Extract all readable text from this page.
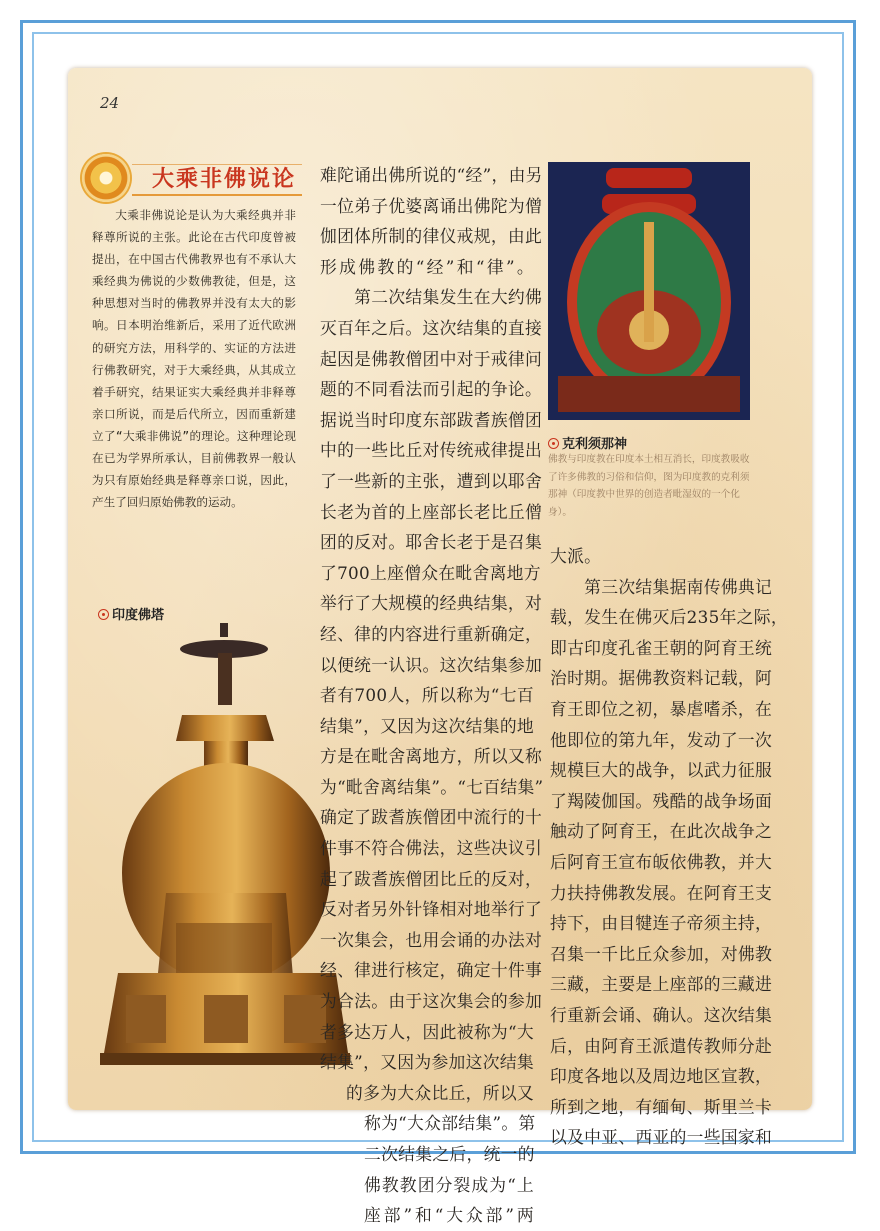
24
大乘非佛说论
大乘非佛说论是认为大乘经典并非释尊所说的主张。此论在古代印度曾被提出，在中国古代佛教界也有不承认大乘经典为佛说的少数佛教徒，但是，这种思想对当时的佛教界并没有太大的影响。日本明治维新后，采用了近代欧洲的研究方法，用科学的、实证的方法进行佛教研究，对于大乘经典，从其成立着手研究，结果证实大乘经典并非释尊亲口所说，而是后代所立，因而重新建立了“大乘非佛说”的理论。这种理论现在已为学界所承认，目前佛教界一般认为只有原始经典是释尊亲口说，因此，产生了回归原始佛教的运动。
印度佛塔
难陀诵出佛所说的“经”，由另
一位弟子优婆离诵出佛陀为僧
伽团体所制的律仪戒规，由此
形成佛教的“经”和“律”。
　　第二次结集发生在大约佛
灭百年之后。这次结集的直接
起因是佛教僧团中对于戒律问
题的不同看法而引起的争论。
据说当时印度东部跋耆族僧团
中的一些比丘对传统戒律提出
了一些新的主张，遭到以耶舍
长老为首的上座部长老比丘僧
团的反对。耶舍长老于是召集
了700上座僧众在毗舍离地方
举行了大规模的经典结集，对
经、律的内容进行重新确定，
以便统一认识。这次结集参加
者有700人，所以称为“七百
结集”，又因为这次结集的地
方是在毗舍离地方，所以又称
为“毗舍离结集”。“七百结集”
确定了跋耆族僧团中流行的十
件事不符合佛法，这些决议引
起了跋耆族僧团比丘的反对，
反对者另外针锋相对地举行了
一次集会，也用会诵的办法对
经、律进行核定，确定十件事
为合法。由于这次集会的参加
者多达万人，因此被称为“大
结集”，又因为参加这次结集
的多为大众比丘，所以又
称为“大众部结集”。第
二次结集之后，统一的
佛教教团分裂成为“上
座部”和“大众部”两
克利须那神
佛教与印度教在印度本土相互消长，印度教吸收了许多佛教的习俗和信仰，图为印度教的克利须那神（印度教中世界的创造者毗湿奴的一个化身）。
大派。
　　第三次结集据南传佛典记
载，发生在佛灭后235年之际，
即古印度孔雀王朝的阿育王统
治时期。据佛教资料记载，阿
育王即位之初，暴虐嗜杀，在
他即位的第九年，发动了一次
规模巨大的战争，以武力征服
了羯陵伽国。残酷的战争场面
触动了阿育王，在此次战争之
后阿育王宣布皈依佛教，并大
力扶持佛教发展。在阿育王支
持下，由目犍连子帝须主持，
召集一千比丘众参加，对佛教
三藏，主要是上座部的三藏进
行重新会诵、确认。这次结集
后，由阿育王派遣传教师分赴
印度各地以及周边地区宣教，
所到之地，有缅甸、斯里兰卡
以及中亚、西亚的一些国家和
